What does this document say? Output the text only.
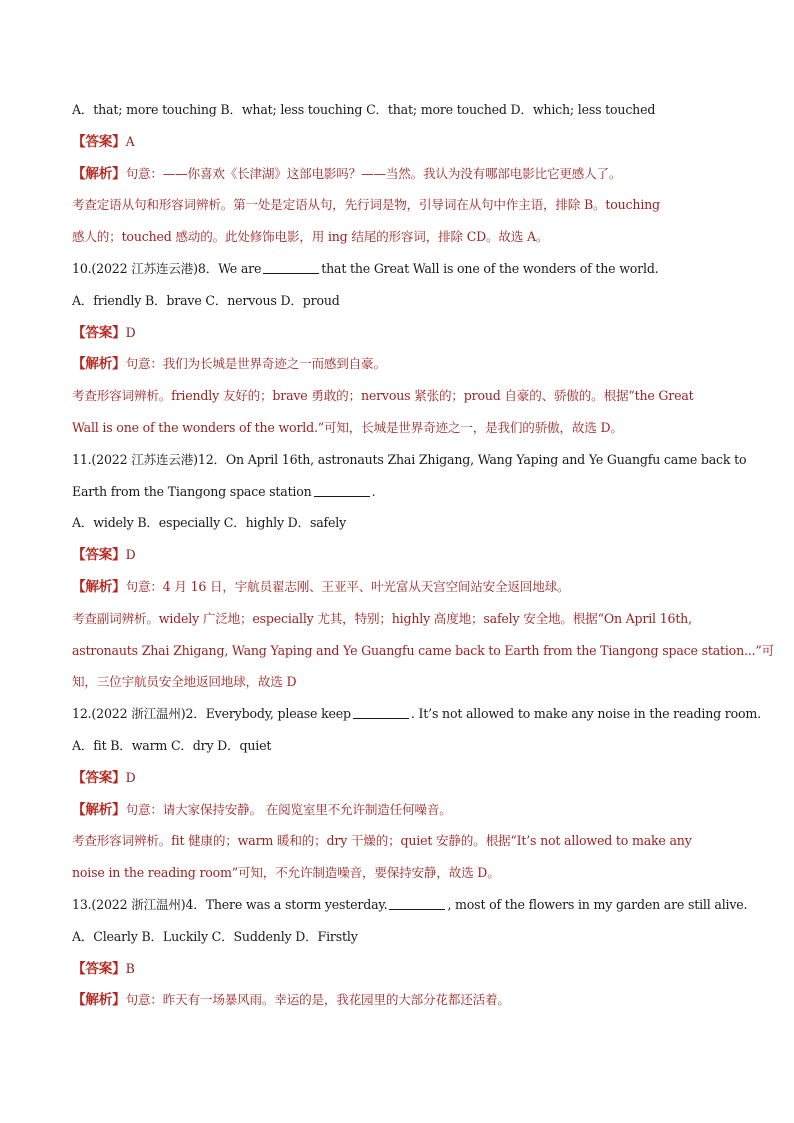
A．that; more touching B．what; less touching C．that; more touched D．which; less touched
【答案】A
【解析】句意：——你喜欢《长津湖》这部电影吗？——当然。我认为没有哪部电影比它更感人了。
考查定语从句和形容词辨析。第一处是定语从句，先行词是物，引导词在从句中作主语，排除 B。touching
感人的；touched 感动的。此处修饰电影，用 ing 结尾的形容词，排除 CD。故选 A。
10.(2022 江苏连云港)8．We are	that the Great Wall is one of the wonders of the world.
A．friendly B．brave C．nervous D．proud
【答案】D
【解析】句意：我们为长城是世界奇迹之一而感到自豪。
考查形容词辨析。friendly 友好的；brave 勇敢的；nervous 紧张的；proud 自豪的、骄傲的。根据“the Great
Wall is one of the wonders of the world.”可知，长城是世界奇迹之一，是我们的骄傲，故选 D。
11.(2022 江苏连云港)12．On April 16th, astronauts Zhai Zhigang, Wang Yaping and Ye Guangfu came back to
Earth from the Tiangong space station	.
A．widely B．especially C．highly D．safely
【答案】D
【解析】句意：4 月 16 日，宇航员翟志刚、王亚平、叶光富从天宫空间站安全返回地球。
考查副词辨析。widely 广泛地；especially 尤其，特别；highly 高度地；safely 安全地。根据“On April 16th,
astronauts Zhai Zhigang, Wang Yaping and Ye Guangfu came back to Earth from the Tiangong space station...”可
知，三位宇航员安全地返回地球，故选 D
12.(2022 浙江温州)2．Everybody, please keep	. It’s not allowed to make any noise in the reading room.
A．fit B．warm C．dry D．quiet
【答案】D
【解析】句意：请大家保持安静。 在阅览室里不允许制造任何噪音。
考查形容词辨析。fit 健康的；warm 暖和的；dry 干燥的；quiet 安静的。根据“It’s not allowed to make any
noise in the reading room”可知，不允许制造噪音，要保持安静，故选 D。
13.(2022 浙江温州)4．There was a storm yesterday.	, most of the flowers in my garden are still alive.
A．Clearly B．Luckily C．Suddenly D．Firstly
【答案】B
【解析】句意：昨天有一场暴风雨。幸运的是，我花园里的大部分花都还活着。
